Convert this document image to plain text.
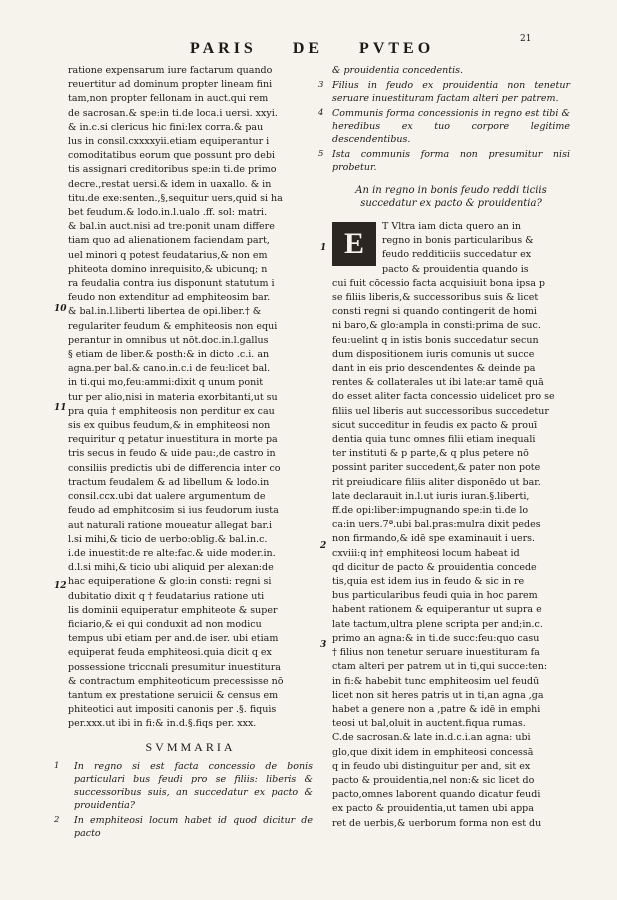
PARIS DE PVTEO
21
ratione expensarum iure factarum quando
reuertitur ad dominum propter lineam fini
tam,non propter fellonam in auct.qui rem
de sacrosan.& spe:in ti.de loca.i uersi. xxyi.
& in.c.si clericus hic fini:lex corra.& pau
lus in consil.cxxxxyii.etiam equiperantur i
comoditatibus eorum que possunt pro debi
tis assignari creditoribus spe:in ti.de primo
decre.,restat uersi.& idem in uaxallo. & in
titu.de exe:senten.,§,sequitur uers,quid si ha
bet feudum.& lodo.in.l.ualo .ff. sol: matri.
& bal.in auct.nisi ad tre:ponit unam differe
tiam quo ad alienationem faciendam part,
uel minori q potest feudatarius,& non em
phiteota domino inrequisito,& ubicunq; n
ra feudalia contra ius disponunt statutum i
feudo non extenditur ad emphiteosim bar.
& bal.in.l.liberti libertea de opi.liber.† &
regulariter feudum & emphiteosis non equi
perantur in omnibus ut nōt.doc.in.l.gallus
§ etiam de liber.& posth:& in dicto .c.i. an
agna.per bal.& cano.in.c.i de feu:licet bal.
in ti.qui mo,feu:ammi:dixit q unum ponit
tur per alio,nisi in materia exorbitanti,ut su
pra quia † emphiteosis non perditur ex cau
sis ex quibus feudum,& in emphiteosi non
requiritur q petatur inuestitura in morte pa
tris secus in feudo & uide pau:,de castro in
consiliis predictis ubi de differencia inter co
tractum feudalem & ad libellum & lodo.in
consil.ccx.ubi dat ualere argumentum de
feudo ad emphitcosim si ius feudorum iusta
aut naturali ratione moueatur allegat bar.i
l.si mihi,& ticio de uerbo:oblig.& bal.in.c.
i.de inuestit:de re alte:fac.& uide moder.in.
d.l.si mihi,& ticio ubi aliquid per alexan:de
hac equiperatione & glo:in consti: regni si
dubitatio dixit q † feudatarius ratione uti
lis dominii equiperatur emphiteote & super
ficiario,& ei qui conduxit ad non modicu
tempus ubi etiam per and.de iser. ubi etiam
equiperat feuda emphiteosi.quia dicit q ex
possessione triccnali presumitur inuestitura
& contractum emphiteoticum precessisse nō
tantum ex prestatione seruicii & census em
phiteotici aut impositi canonis per .§. fiquis
per.xxx.ut ibi in fi:& in.d.§.fiqs per. xxx.
SVMMARIA
1 In regno si est facta concessio de bonis particulari bus feudi pro se filiis: liberis & successoribus suis, an succedatur ex pacto & prouidentia?
2 In emphiteosi locum habet id quod dicitur de pacto
10
11
12
& prouidentia concedentis.
3 Filius in feudo ex prouidentia non tenetur seruare inuestituram factam alteri per patrem.
4 Communis forma concessionis in regno est tibi & heredibus ex tuo corpore legitime descendentibus.
5 Ista communis forma non presumitur nisi probetur.
An in regno in bonis feudo reddi ticiis succedatur ex pacto & prouidentia?
E
T Vltra iam dicta quero an in
regno in bonis particularibus &
feudo redditiciis succedatur ex
pacto & prouidentia quando is
cui fuit cōcessio facta acquisiuit bona ipsa p
se filiis liberis,& successoribus suis & licet
consti regni si quando contingerit de homi
ni baro,& glo:ampla in consti:prima de suc.
feu:uelint q in istis bonis succedatur secun
dum dispositionem iuris comunis ut succe
dant in eis prio descendentes & deinde pa
rentes & collaterales ut ibi late:ar tamē quā
do esset aliter facta concessio uidelicet pro se
filiis uel liberis aut successoribus succedetur
sicut succeditur in feudis ex pacto & prouī
dentia quia tunc omnes filii etiam inequali
ter instituti & p parte,& q plus petere nō
possint pariter succedent,& pater non pote
rit preiudicare filiis aliter disponēdo ut bar.
late declarauit in.l.ut iuris iuran.§.liberti,
ff.de opi:liber:impugnando spe:in ti.de lo
ca:in uers.7ª.ubi bal.pras:mulra dixit pedes
non firmando,& idē spe examinauit i uers.
cxviii:q in† emphiteosi locum habeat id
qd dicitur de pacto & prouidentia concede
tis,quia est idem ius in feudo & sic in re
bus particularibus feudi quia in hoc parem
habent rationem & equiperantur ut supra e
late tactum,ultra plene scripta per and;in.c.
primo an agna:& in ti.de succ:feu:quo casu
† filius non tenetur seruare inuestituram fa
ctam alteri per patrem ut in ti,qui succe:ten:
in fi:& habebit tunc emphiteosim uel feudū
licet non sit heres patris ut in ti,an agna ,ga
habet a genere non a ,patre & idē in emphi
teosi ut bal,oluit in auctent.fiqua rumas.
C.de sacrosan.& late in.d.c.i.an agna: ubi
glo,que dixit idem in emphiteosi concessā
q in feudo ubi distinguitur per and, sit ex
pacto & prouidentia,nel non:& sic licet do
pacto,omnes laborent quando dicatur feudi
ex pacto & prouidentia,ut tamen ubi appa
ret de uerbis,& uerborum forma non est du
1
2
3
